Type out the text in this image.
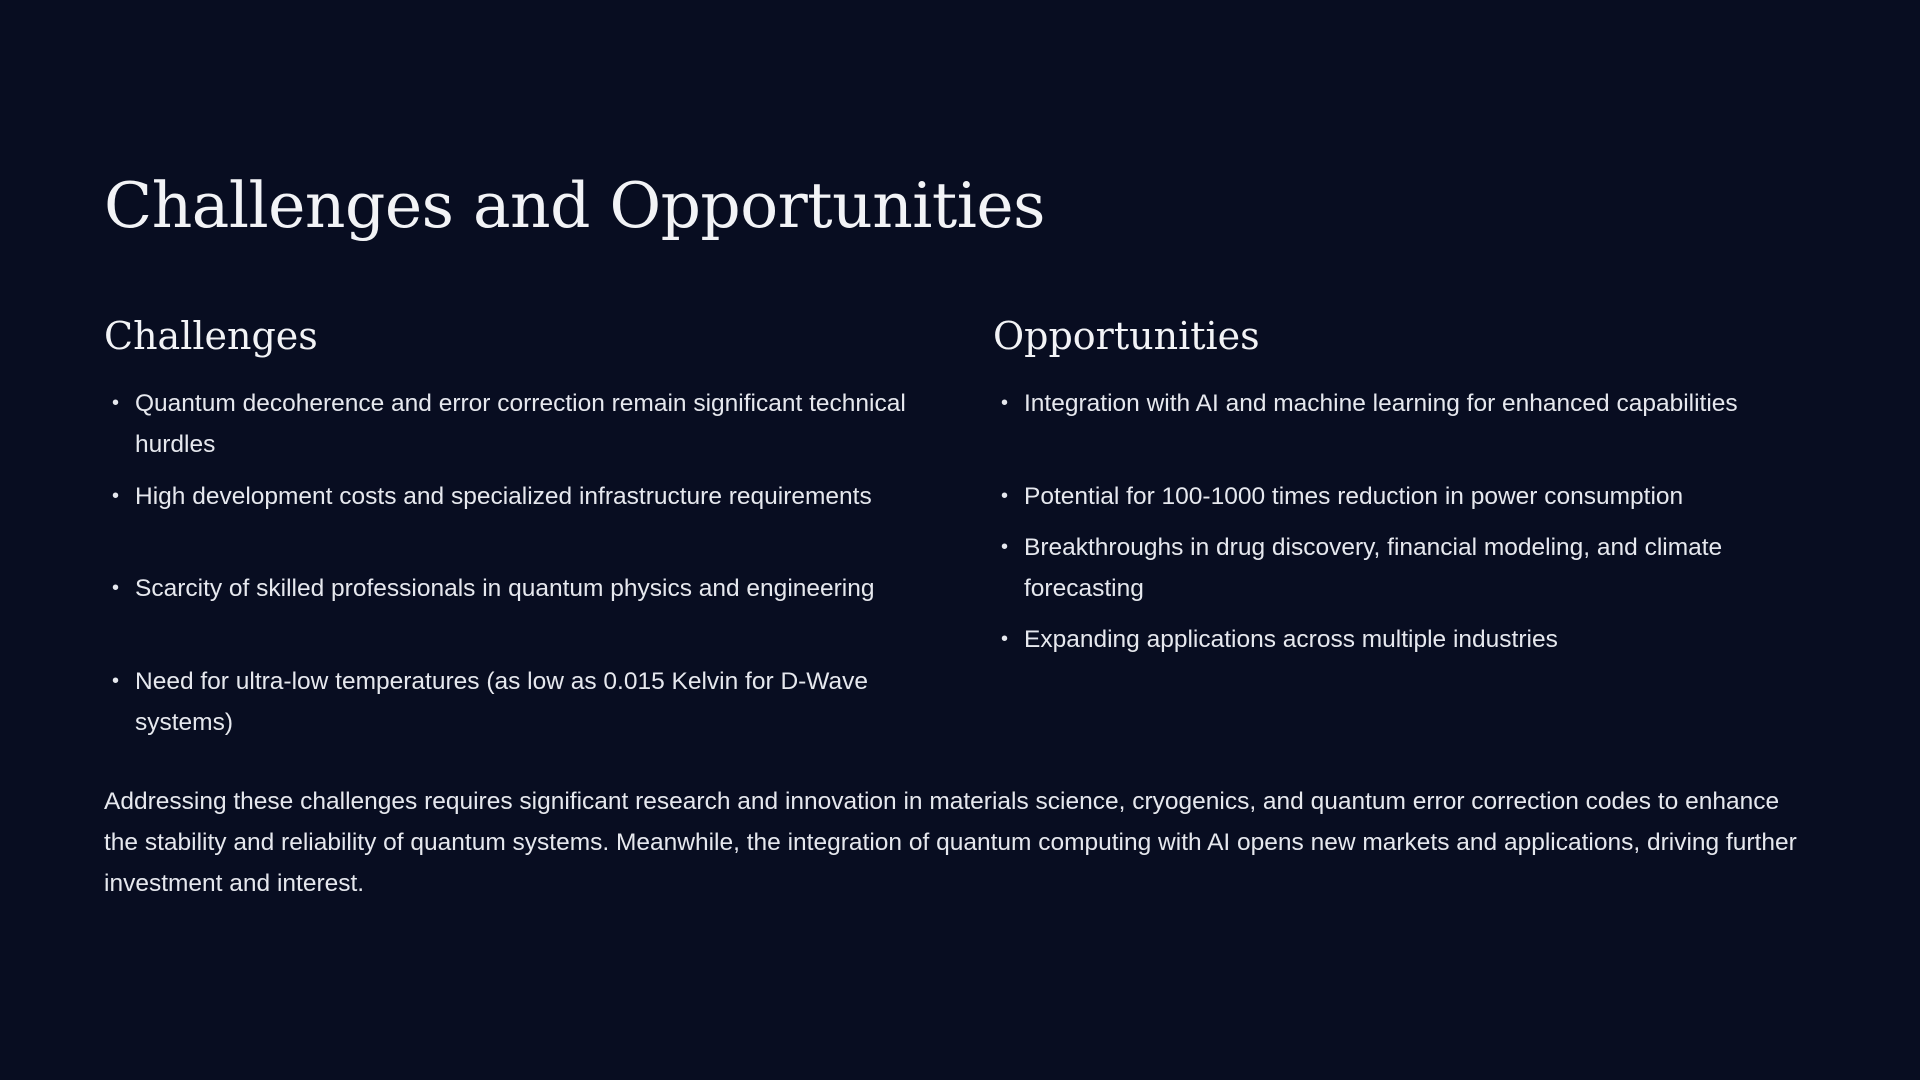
Challenges and Opportunities
Challenges
• Quantum decoherence and error correction remain significant technical hurdles
• High development costs and specialized infrastructure requirements
• Scarcity of skilled professionals in quantum physics and engineering
• Need for ultra-low temperatures (as low as 0.015 Kelvin for D-Wave systems)
Opportunities
• Integration with AI and machine learning for enhanced capabilities
• Potential for 100-1000 times reduction in power consumption
• Breakthroughs in drug discovery, financial modeling, and climate forecasting
• Expanding applications across multiple industries

Addressing these challenges requires significant research and innovation in materials science, cryogenics, and quantum error correction codes to enhance the stability and reliability of quantum systems. Meanwhile, the integration of quantum computing with AI opens new markets and applications, driving further investment and interest.
